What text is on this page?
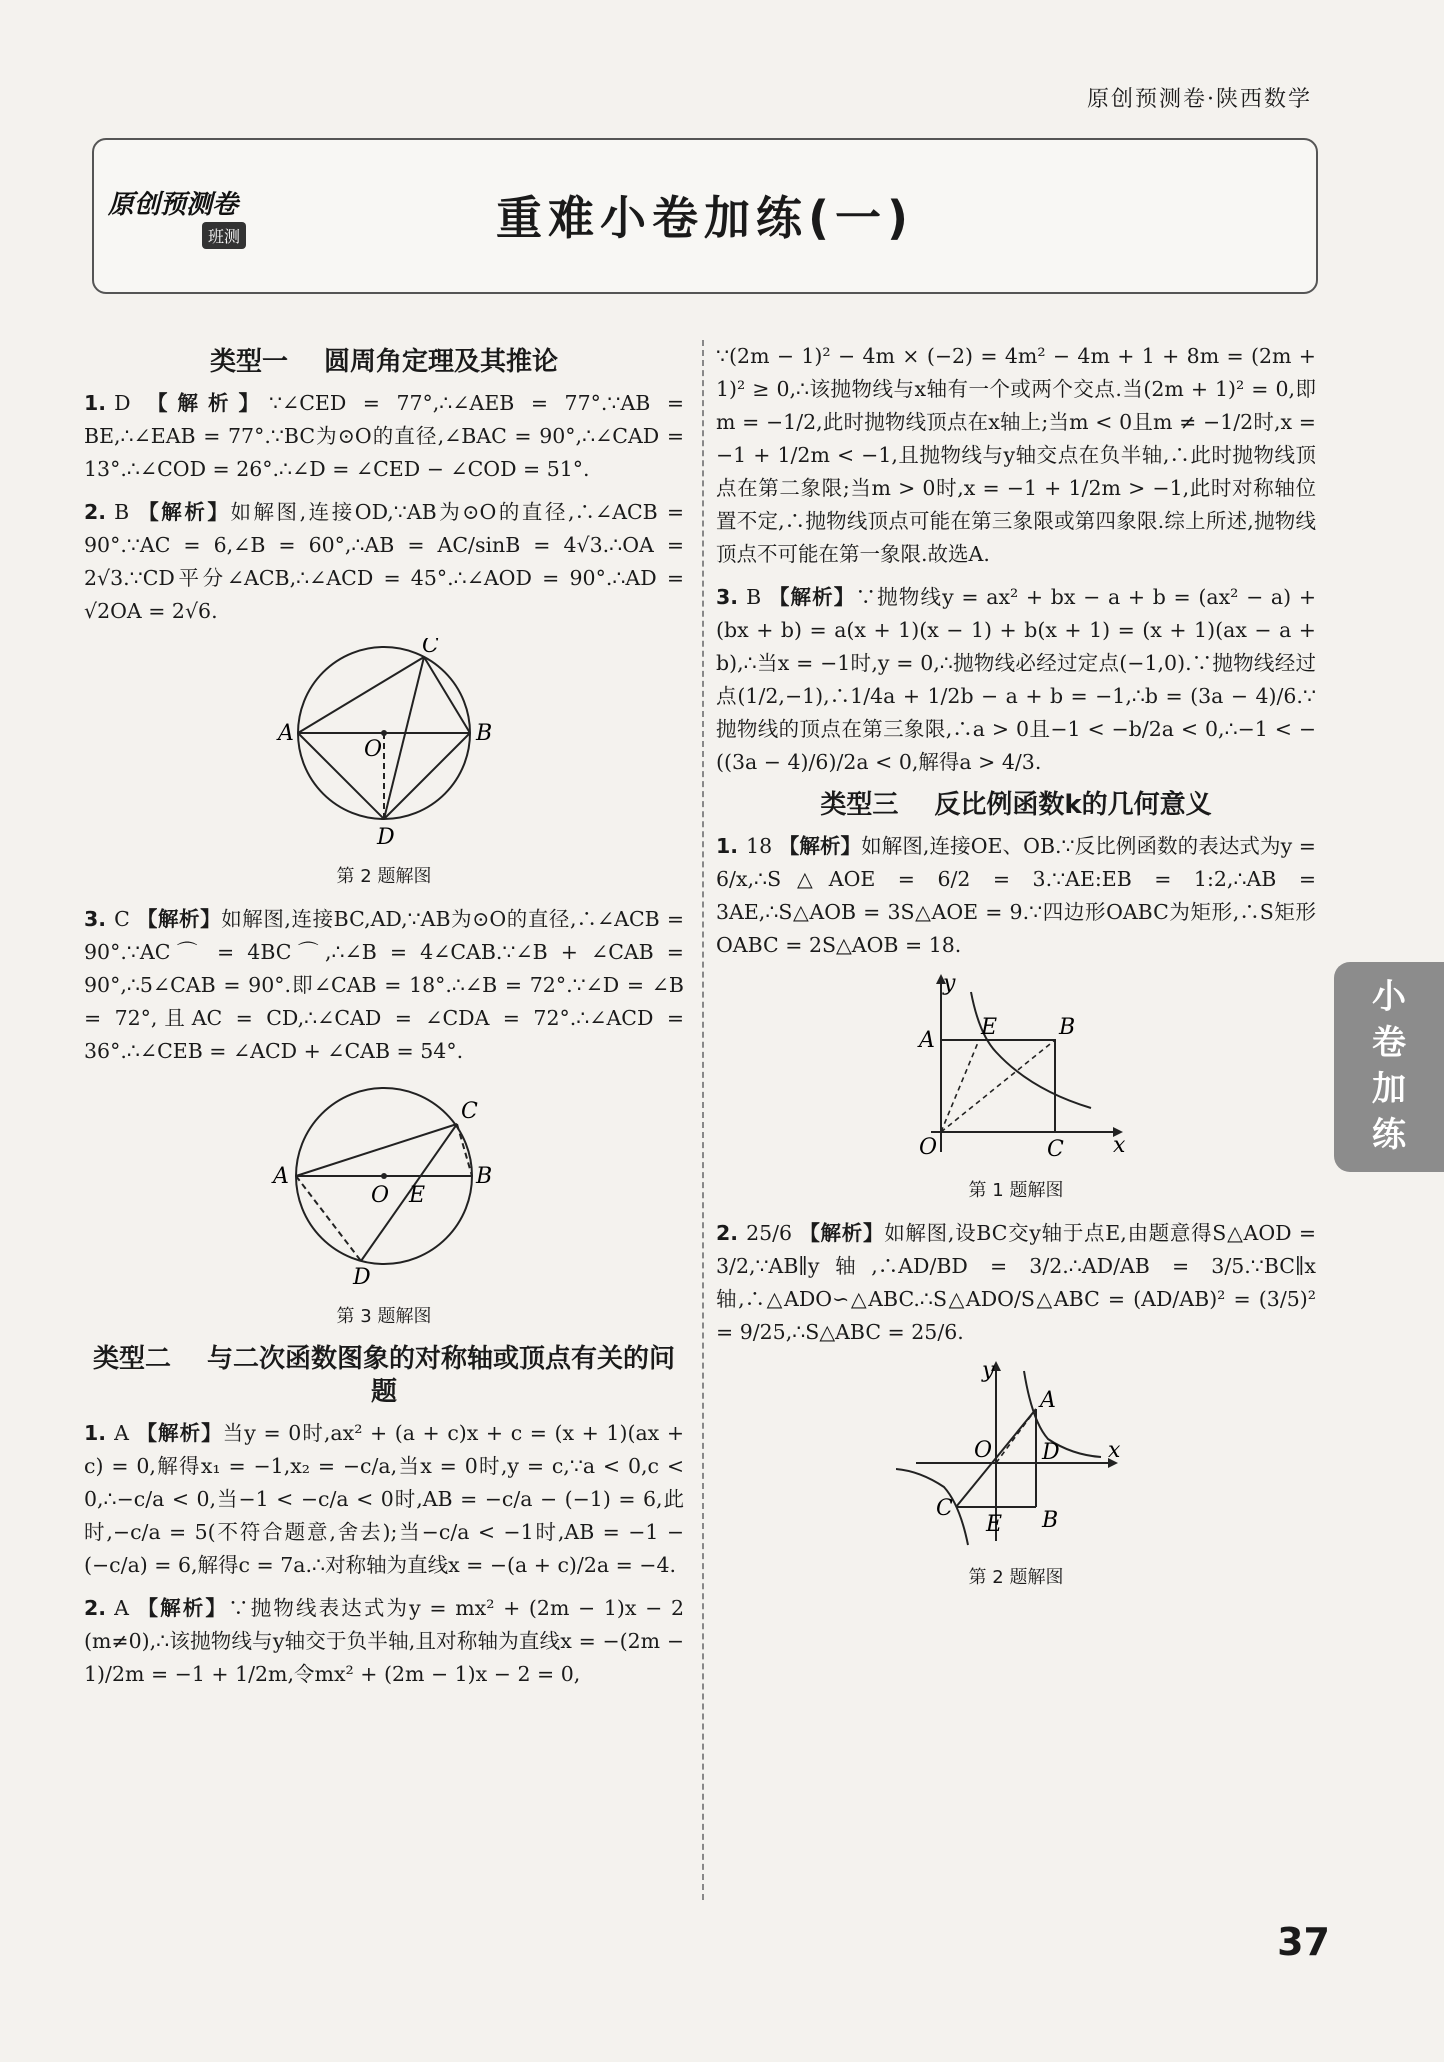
原创预测卷·陕西数学
原创预测卷
班测	重难小卷加练(一)
类型一 圆周角定理及其推论
1. D 【解析】∵∠CED = 77°,∴∠AEB = 77°.∵AB = BE,∴∠EAB = 77°.∵BC为⊙O的直径,∠BAC = 90°,∴∠CAD = 13°.∴∠COD = 26°.∴∠D = ∠CED − ∠COD = 51°.
2. B 【解析】如解图,连接OD,∵AB为⊙O的直径,∴∠ACB = 90°.∵AC = 6,∠B = 60°,∴AB = AC/sinB = 4√3.∴OA = 2√3.∵CD平分∠ACB,∴∠ACD = 45°.∴∠AOD = 90°.∴AD = √2OA = 2√6.
A	B
C
D
O
第 2 题解图
3. C 【解析】如解图,连接BC,AD,∵AB为⊙O的直径,∴∠ACB = 90°.∵AC⌒ = 4BC⌒,∴∠B = 4∠CAB.∵∠B + ∠CAB = 90°,∴5∠CAB = 90°.即∠CAB = 18°.∴∠B = 72°.∵∠D = ∠B = 72°,且AC = CD,∴∠CAD = ∠CDA = 72°.∴∠ACD = 36°.∴∠CEB = ∠ACD + ∠CAB = 54°.
A	B
C
D
O E
第 3 题解图
类型二 与二次函数图象的对称轴或顶点有关的问题
1. A 【解析】当y = 0时,ax² + (a + c)x + c = (x + 1)(ax + c) = 0,解得x₁ = −1,x₂ = −c/a,当x = 0时,y = c,∵a < 0,c < 0,∴−c/a < 0,当−1 < −c/a < 0时,AB = −c/a − (−1) = 6,此时,−c/a = 5(不符合题意,舍去);当−c/a < −1时,AB = −1 − (−c/a) = 6,解得c = 7a.∴对称轴为直线x = −(a + c)/2a = −4.
2. A 【解析】∵抛物线表达式为y = mx² + (2m − 1)x − 2 (m≠0),∴该抛物线与y轴交于负半轴,且对称轴为直线x = −(2m − 1)/2m = −1 + 1/2m,令mx² + (2m − 1)x − 2 = 0,
∵(2m − 1)² − 4m × (−2) = 4m² − 4m + 1 + 8m = (2m + 1)² ≥ 0,∴该抛物线与x轴有一个或两个交点.当(2m + 1)² = 0,即m = −1/2,此时抛物线顶点在x轴上;当m < 0且m ≠ −1/2时,x = −1 + 1/2m < −1,且抛物线与y轴交点在负半轴,∴此时抛物线顶点在第二象限;当m > 0时,x = −1 + 1/2m > −1,此时对称轴位置不定,∴抛物线顶点可能在第三象限或第四象限.综上所述,抛物线顶点不可能在第一象限.故选A.
3. B 【解析】∵抛物线y = ax² + bx − a + b = (ax² − a) + (bx + b) = a(x + 1)(x − 1) + b(x + 1) = (x + 1)(ax − a + b),∴当x = −1时,y = 0,∴抛物线必经过定点(−1,0).∵抛物线经过点(1/2,−1),∴1/4a + 1/2b − a + b = −1,∴b = (3a − 4)/6.∵抛物线的顶点在第三象限,∴a > 0且−1 < −b/2a < 0,∴−1 < −((3a − 4)/6)/2a < 0,解得a > 4/3.
类型三 反比例函数k的几何意义
1. 18 【解析】如解图,连接OE、OB.∵反比例函数的表达式为y = 6/x,∴S△AOE = 6/2 = 3.∵AE:EB = 1:2,∴AB = 3AE,∴S△AOB = 3S△AOE = 9.∵四边形OABC为矩形,∴S矩形OABC = 2S△AOB = 18.
y
x
A
E	B
O	C
第 1 题解图
2. 25/6 【解析】如解图,设BC交y轴于点E,由题意得S△AOD = 3/2,∵AB∥y轴,∴AD/BD = 3/2.∴AD/AB = 3/5.∵BC∥x轴,∴△ADO∽△ABC.∴S△ADO/S△ABC = (AD/AB)² = (3/5)² = 9/25,∴S△ABC = 25/6.
y
x
A
O D
C
E B
第 2 题解图
小
卷
加
练
37
